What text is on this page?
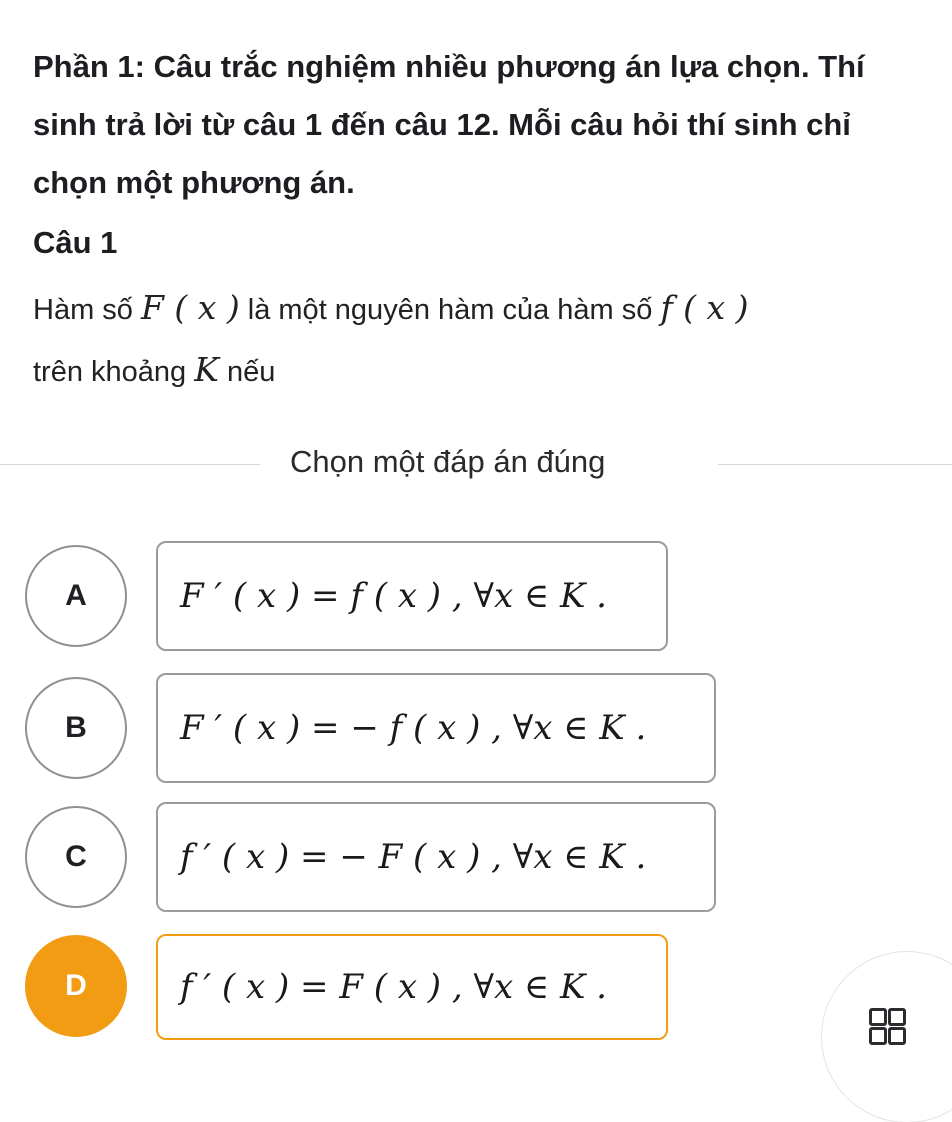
Phần 1: Câu trắc nghiệm nhiều phương án lựa chọn. Thí sinh trả lời từ câu 1 đến câu 12. Mỗi câu hỏi thí sinh chỉ chọn một phương án.
Câu 1
Hàm số F ( x ) là một nguyên hàm của hàm số f ( x )
trên khoảng K nếu
Chọn một đáp án đúng
A	F ′ ( x ) = f ( x ) , ∀x ∈ K .
B	F ′ ( x ) = − f ( x ) , ∀x ∈ K .
C	f ′ ( x ) = − F ( x ) , ∀x ∈ K .
D	f ′ ( x ) = F ( x ) , ∀x ∈ K .
